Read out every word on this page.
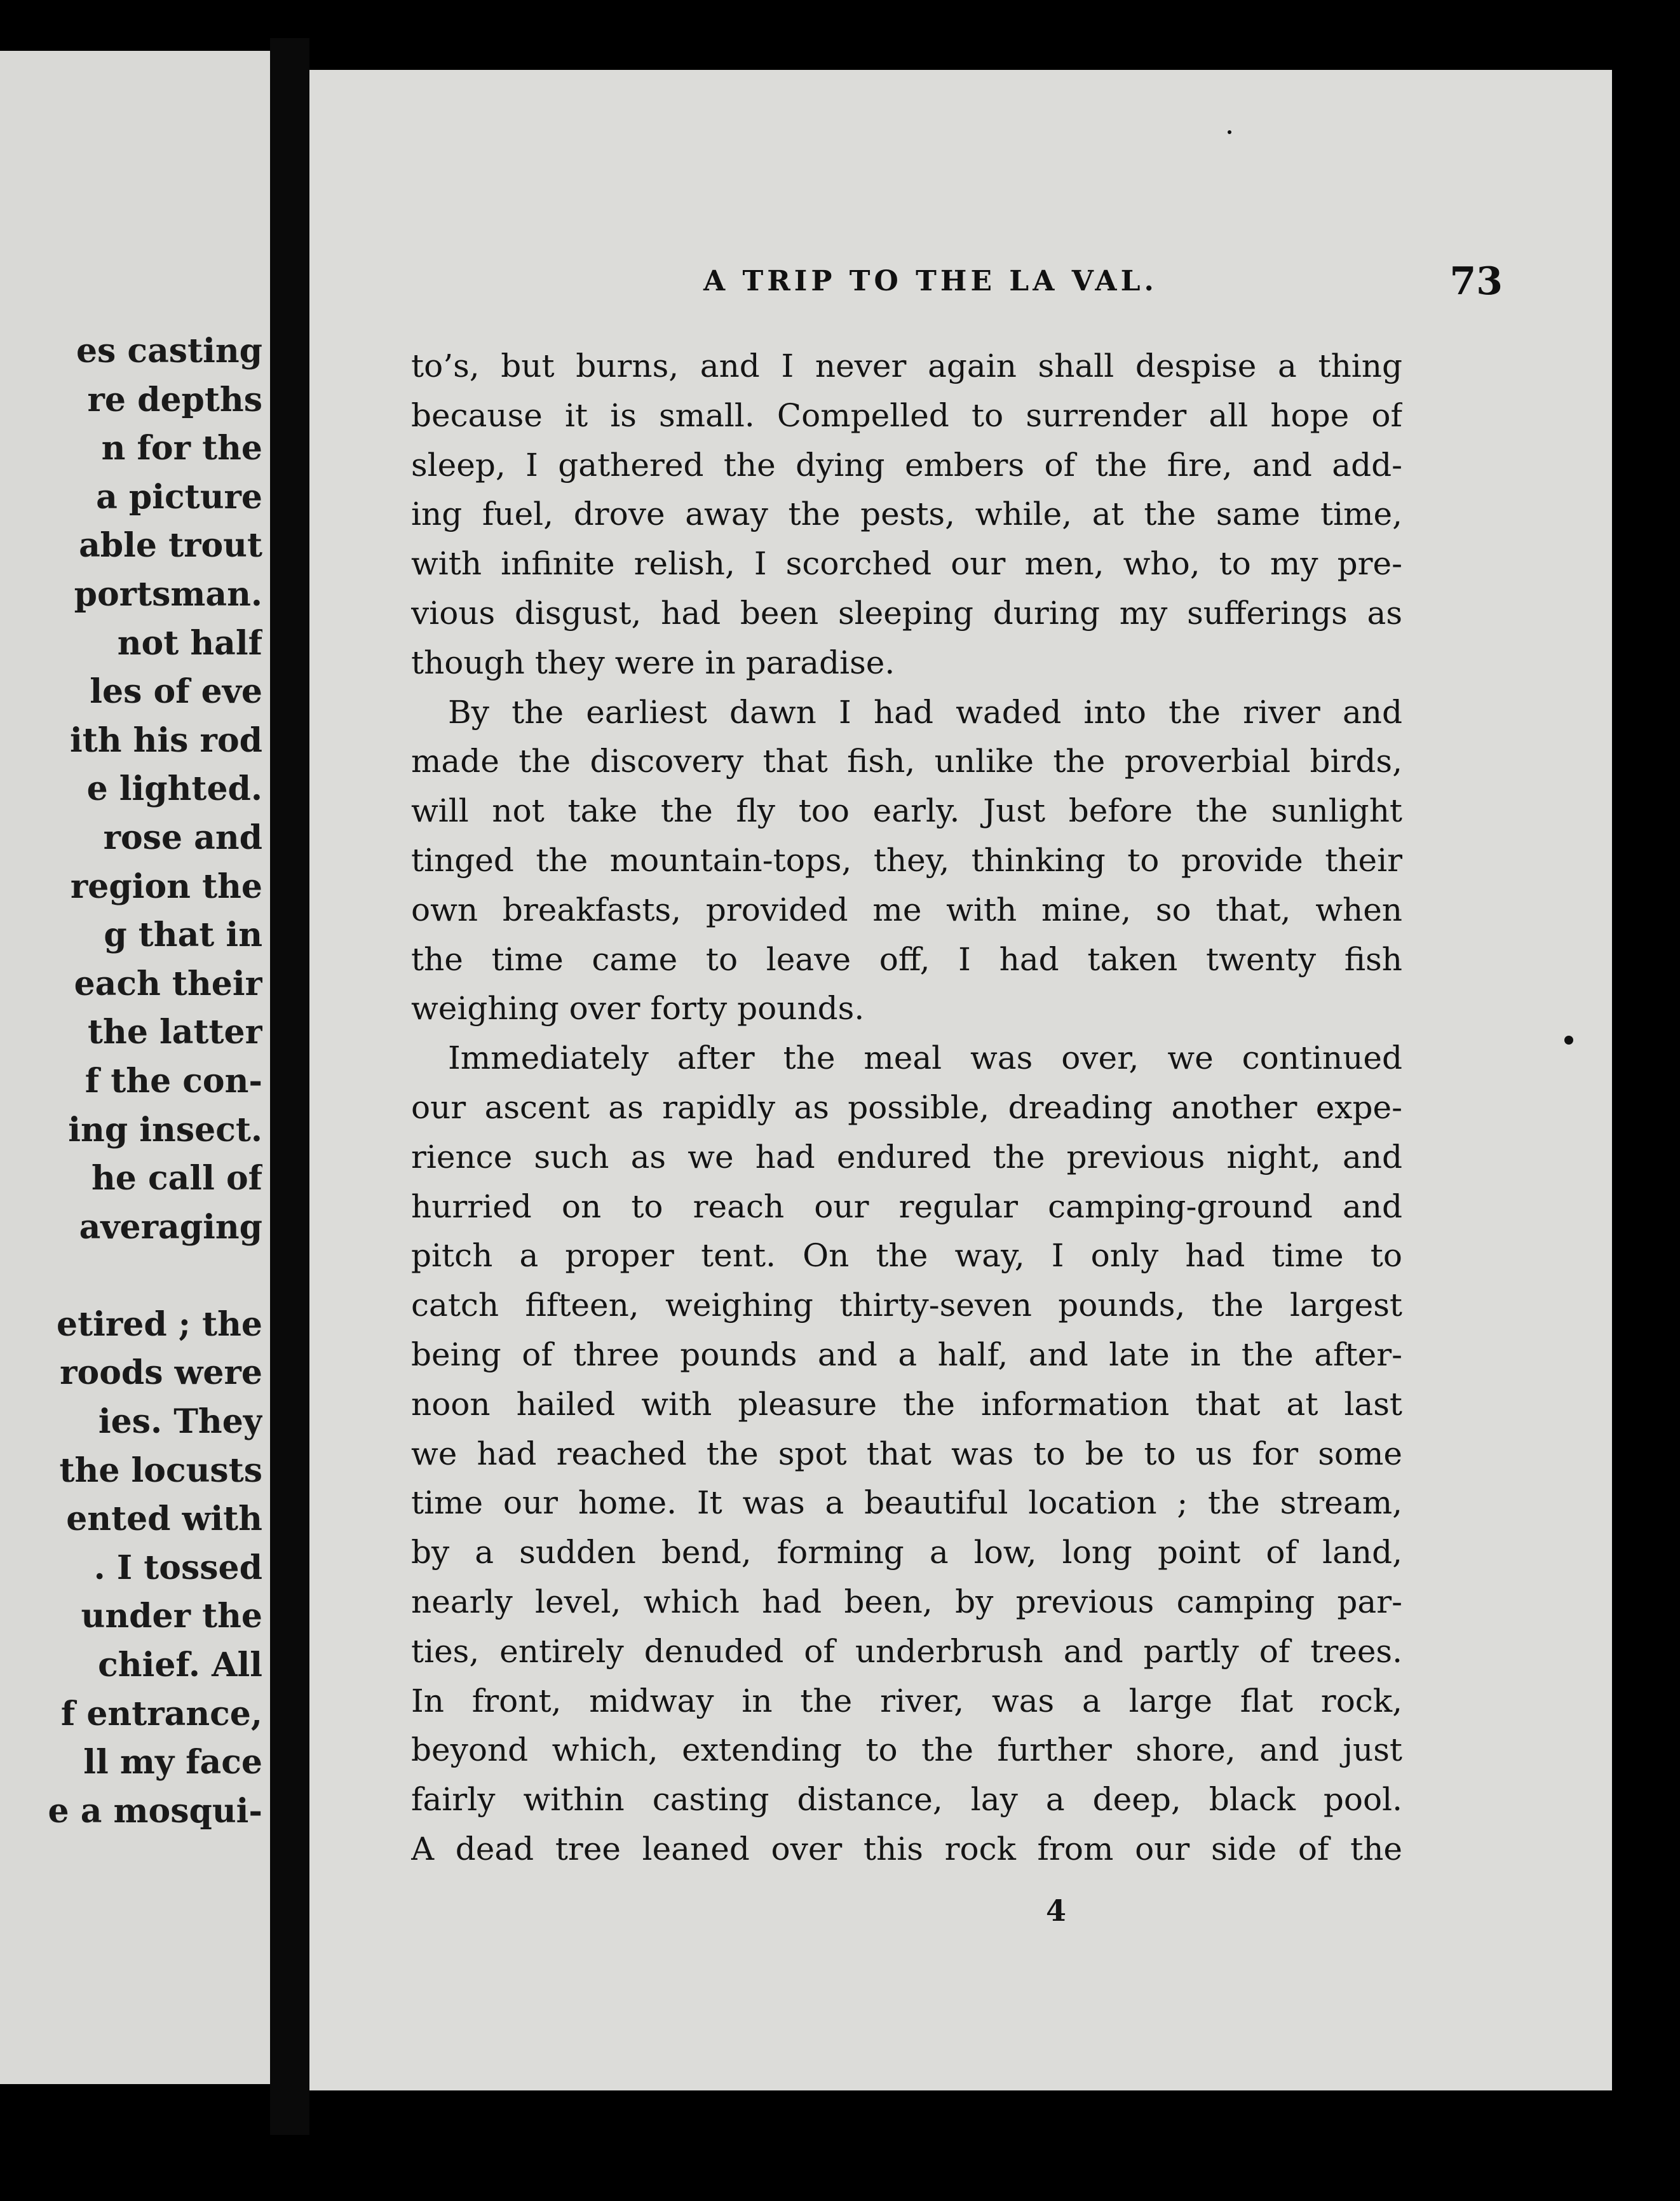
es casting
re depths
n for the
a picture
able trout
portsman.
not half
les of eve
ith his rod
e lighted.
rose and
region the
g that in
each their
the latter
f the con-
ing insect.
he call of
averaging
etired ; the
roods were
ies. They
the locusts
ented with
. I tossed
under the
chief. All
f entrance,
ll my face
e a mosqui-
A TRIP TO THE LA VAL.	73
to’s, but burns, and I never again shall despise a thing
because it is small. Compelled to surrender all hope of
sleep, I gathered the dying embers of the fire, and add-
ing fuel, drove away the pests, while, at the same time,
with infinite relish, I scorched our men, who, to my pre-
vious disgust, had been sleeping during my sufferings as
though they were in paradise.
By the earliest dawn I had waded into the river and
made the discovery that fish, unlike the proverbial birds,
will not take the fly too early. Just before the sunlight
tinged the mountain-tops, they, thinking to provide their
own breakfasts, provided me with mine, so that, when
the time came to leave off, I had taken twenty fish
weighing over forty pounds.
Immediately after the meal was over, we continued
our ascent as rapidly as possible, dreading another expe-
rience such as we had endured the previous night, and
hurried on to reach our regular camping-ground and
pitch a proper tent. On the way, I only had time to
catch fifteen, weighing thirty-seven pounds, the largest
being of three pounds and a half, and late in the after-
noon hailed with pleasure the information that at last
we had reached the spot that was to be to us for some
time our home. It was a beautiful location ; the stream,
by a sudden bend, forming a low, long point of land,
nearly level, which had been, by previous camping par-
ties, entirely denuded of underbrush and partly of trees.
In front, midway in the river, was a large flat rock,
beyond which, extending to the further shore, and just
fairly within casting distance, lay a deep, black pool.
A dead tree leaned over this rock from our side of the
4
